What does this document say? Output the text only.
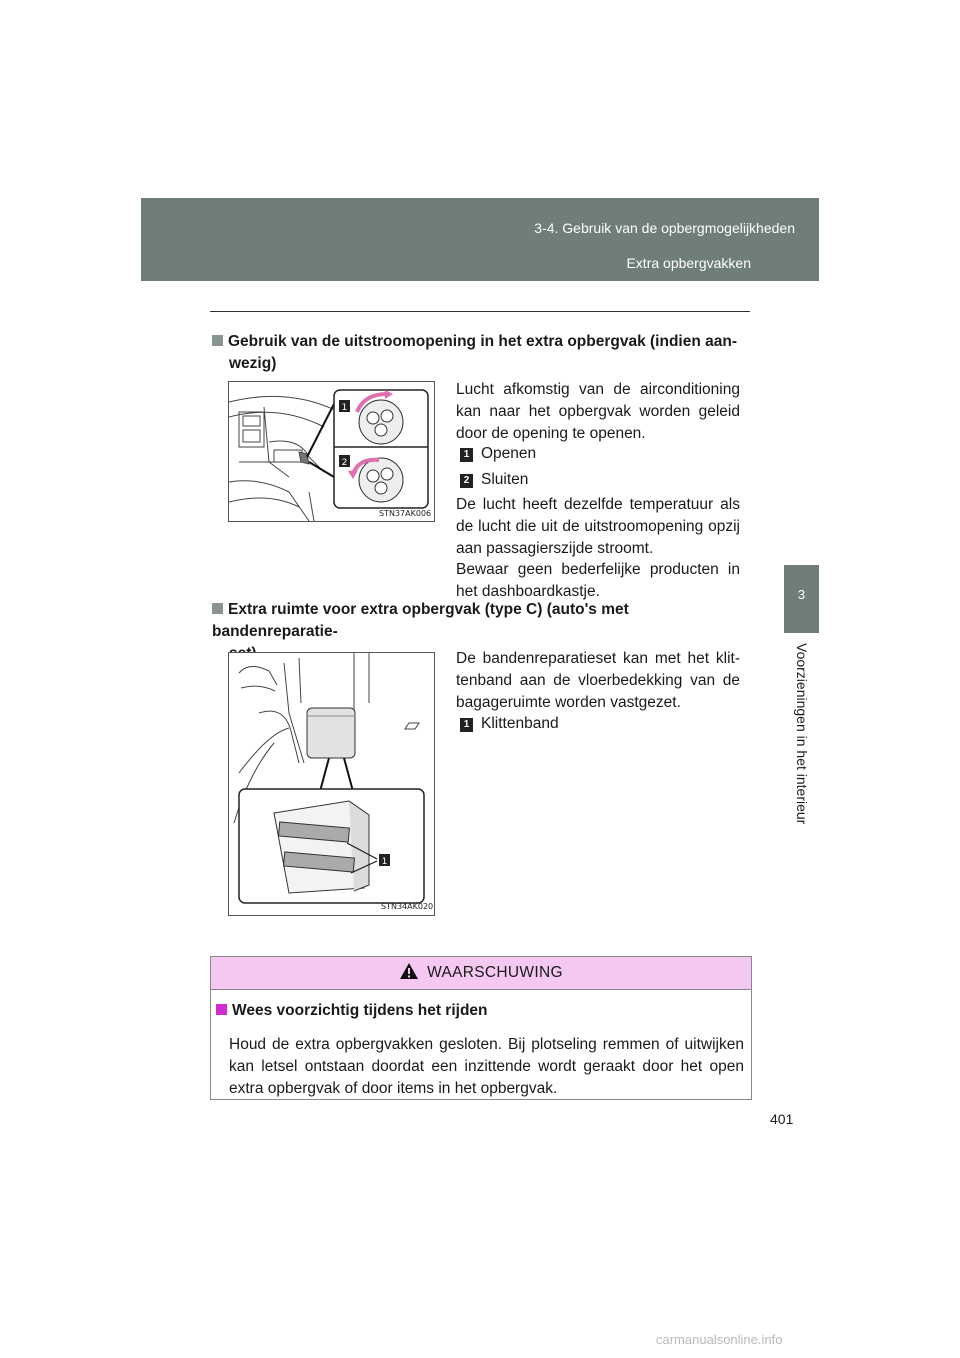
3-4. Gebruik van de opbergmogelijkheden
Extra opbergvakken
3
Voorzieningen in het interieur
Gebruik van de uitstroomopening in het extra opbergvak (indien aan-
wezig)
1
2
STN37AK006
Lucht afkomstig van de airconditioning kan naar het opbergvak worden geleid door de opening te openen.
1 Openen
2 Sluiten
De lucht heeft dezelfde temperatuur als de lucht die uit de uitstroomopening opzij aan passagierszijde stroomt.
Bewaar geen bederfelijke producten in het dashboardkastje.
Extra ruimte voor extra opbergvak (type C) (auto's met bandenreparatie-
1
STN34AK020
De bandenreparatieset kan met het klit-tenband aan de vloerbedekking van de bagageruimte worden vastgezet.
1 Klittenband
WAARSCHUWING
Wees voorzichtig tijdens het rijden
Houd de extra opbergvakken gesloten. Bij plotseling remmen of uitwijken kan letsel ontstaan doordat een inzittende wordt geraakt door het open extra opbergvak of door items in het opbergvak.
401
carmanualsonline.info
